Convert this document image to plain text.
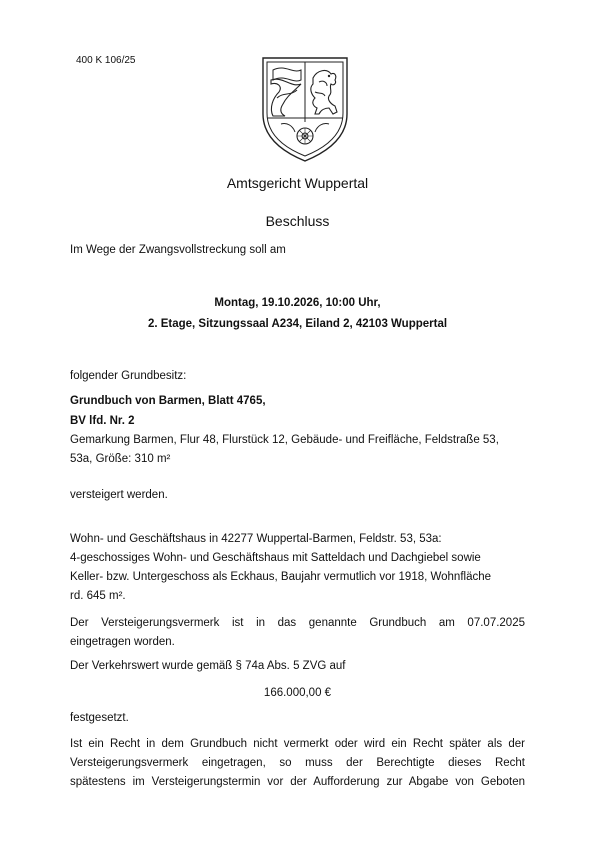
400 K 106/25
Amtsgericht Wuppertal
Beschluss
Im Wege der Zwangsvollstreckung soll am
Montag, 19.10.2026, 10:00 Uhr,
2. Etage, Sitzungssaal A234, Eiland 2, 42103 Wuppertal
folgender Grundbesitz:
Grundbuch von Barmen, Blatt 4765,
BV lfd. Nr. 2
Gemarkung Barmen, Flur 48, Flurstück 12, Gebäude- und Freifläche, Feldstraße 53,
53a, Größe: 310 m²
versteigert werden.
Wohn- und Geschäftshaus in 42277 Wuppertal-Barmen, Feldstr. 53, 53a:
4-geschossiges Wohn- und Geschäftshaus mit Satteldach und Dachgiebel sowie
Keller- bzw. Untergeschoss als Eckhaus, Baujahr vermutlich vor 1918, Wohnfläche
rd. 645 m².
Der Versteigerungsvermerk ist in das genannte Grundbuch am 07.07.2025
eingetragen worden.
Der Verkehrswert wurde gemäß § 74a Abs. 5 ZVG auf
166.000,00 €
festgesetzt.
Ist ein Recht in dem Grundbuch nicht vermerkt oder wird ein Recht später als der
Versteigerungsvermerk eingetragen, so muss der Berechtigte dieses Recht
spätestens im Versteigerungstermin vor der Aufforderung zur Abgabe von Geboten
